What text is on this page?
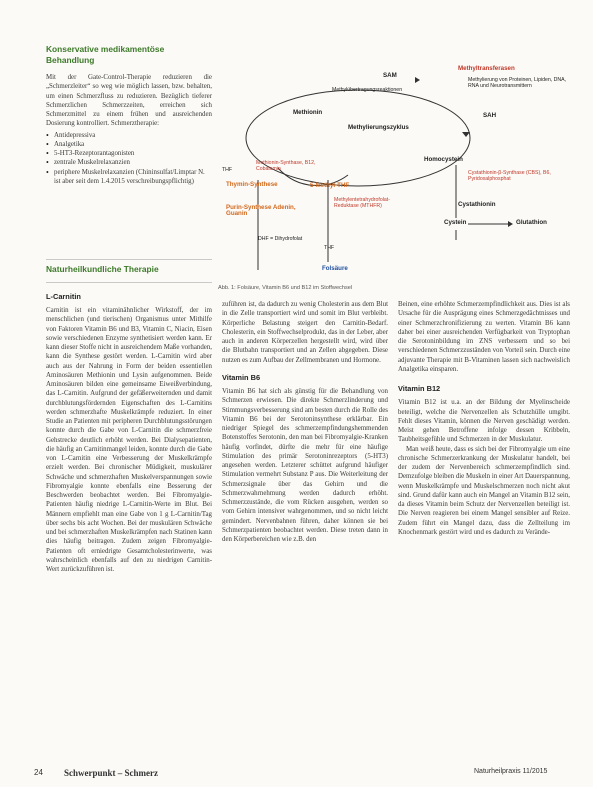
Konservative medikamentöse Behandlung

Mit der Gate-Control-Therapie reduzieren die „Schmerzleiter“ so weg wie möglich lassen, bzw. behalten, um einen Schmerzfluss zu reduzieren. Bezüglich tieferer Schmerzlichen Schmerzzeiten, erreichen sich Schmerzmittel zu einem frühen und ausreichenden Dosierung kontrolliert. Schmerztherapie:

• Antidepressiva
• Analgetika
• 5-HT3-Rezeptorantagonisten
• zentrale Muskelrelaxanzien
• periphere Muskelrelaxanzien (Chininsulfat/Limptar N. ist aber seit dem 1.4.2015 verschreibungspflichtig)
Naturheilkundliche Therapie
L-Carnitin

Carnitin ist ein vitaminähnlicher Wirkstoff, der im menschlichen (und tierischen) Organismus unter Mithilfe von Faktoren Vitamin B6 und B3, Vitamin C, Niacin, Eisen sowie verschiedenen Enzyme synthetisiert werden kann. Er kann dieser Stoffe nicht in ausreichendem Maße vorhanden, kann die Synthese gestört werden. L-Carnitin wird aber auch aus der Nahrung in Form der beiden essentiellen Aminosäuren Methionin und Lysin aufgenommen. Beide Aminosäuren bilden eine gemeinsame Eiweißverbindung, das L-Carnitin. Aufgrund der gefäßerweiternden und damit durchblutungsfördernden Eigenschaften des L-Carnitins werden schmerzhafte Muskelkrämpfe reduziert. In einer Studie an Patienten mit peripheren Durchblutungsstörungen konnte durch die Gabe von L-Carnitin die schmerzfreie Gehstrecke deutlich erhöht werden. Bei Dialysepatienten, die häufig an Carnitinmangel leiden, konnte durch die Gabe von L-Carnitin eine Verbesserung der Muskelkrämpfe erzielt werden. Bei chronischer Müdigkeit, muskulärer Schwäche und schmerzhaften Muskelverspannungen sowie Fibromyalgie konnte ebenfalls eine Besserung der Beschwerden beobachtet werden. Bei Fibromyalgie-Patienten häufig niedrige L-Carnitin-Werte im Blut. Bei Männern empfiehlt man eine Gabe von 1 g L-Carnitin/Tag über sechs bis acht Wochen. Bei der muskulären Schwäche und bei schmerzhaften Muskelkrämpfen nach Statinen kann dies häufig beitragen. Zudem zeigen Fibromyalgie-Patienten oft erniedrigte Gesamtcholesterinwerte, was wahrscheinlich ebenfalls auf den zu niedrigen Carnitin-Wert zurückzuführen ist.

SAM
Methylübertragungsreaktionen
Methyltransferasen
Methylierung von Proteinen, Lipiden, DNA, RNA und Neurotransmittern
Methionin	SAH
Methylierungszyklus
Homocystein
THF
Methionin-Synthase, B12, Cobalamin
Thymin-Synthese	5-Methyl-THF
Cystathionin-β-Synthase (CBS), B6, Pyridoxalphosphat
Methylentetrahydrofolat-Reduktase (MTHFR)	Cystathionin
Purin-Synthese Adenin, Guanin
Cystein	Glutathion
DHF = Dihydrofolat
THF
Folsäure
Abb. 1: Folsäure, Vitamin B6 und B12 im Stoffwechsel

zuführen ist, da dadurch zu wenig Cholesterin aus dem Blut in die Zelle transportiert wird und somit im Blut verbleibt. Körperliche Belastung steigert den Carnitin-Bedarf. Cholesterin, ein Stoffwechselprodukt, das in der Leber, aber auch in anderen Körperzellen hergestellt wird, wird über die Blutbahn transportiert und an Zellen abgegeben. Diese nutzen es zum Aufbau der Zellmembranen und Hormone.

Vitamin B6

Vitamin B6 hat sich als günstig für die Behandlung von Schmerzen erwiesen. Die direkte Schmerzlinderung und Stimmungsverbesserung sind am besten durch die Rolle des Vitamin B6 bei der Serotoninsynthese erklärbar. Ein niedriger Spiegel des schmerzempfindungshemmenden Botenstoffes Serotonin, den man bei Fibromyalgie-Kranken häufig vorfindet, dürfte die mehr für eine häufige Stimulation des primär Serotoninrezeptors (5-HT3) angesehen werden. Letzterer schüttet aufgrund häufiger Stimulation vermehrt Substanz P aus. Die Weiterleitung der Schmerzsignale über das Gehirn und die Schmerzwahrnehmung werden dadurch erhöht. Schmerzzustände, die vom Rücken ausgehen, werden so vom Gehirn intensiver wahrgenommen, und so nicht leicht gemindert. Nervenbahnen führen, daher können sie bei Schmerzpatienten beobachtet werden. Diese treten dann in den Körperbereichen wie z.B. den

Beinen, eine erhöhte Schmerzempfindlichkeit aus. Dies ist als Ursache für die Ausprägung eines Schmerzgedächtnisses und einer Schmerzchronifizierung zu werten. Vitamin B6 kann daher bei einer ausreichenden Verfügbarkeit von Tryptophan die Serotoninbildung im ZNS verbessern und so bei verschiedenen Schmerzzuständen von Vorteil sein. Durch eine adjuvante Therapie mit B-Vitaminen lassen sich nachweislich Analgetika einsparen.

Vitamin B12

Vitamin B12 ist u.a. an der Bildung der Myelinscheide beteiligt, welche die Nervenzellen als Schutzhülle umgibt. Fehlt dieses Vitamin, können die Nerven geschädigt werden. Meist gehen Betroffene infolge dessen Kribbeln, Taubheitsgefühle und Schmerzen in der Muskulatur.

Man weiß heute, dass es sich bei der Fibromyalgie um eine chronische Schmerzerkrankung der Muskulatur handelt, bei der zudem der Nervenbereich schmerzempfindlich sind. Demzufolge bleiben die Muskeln in einer Art Dauerspannung, wenn Muskelkrämpfe und Muskelschmerzen noch nicht akut sind. Grund dafür kann auch ein Mangel an Vitamin B12 sein, da dieses Vitamin beim Schutz der Nervenzellen beteiligt ist. Die Nerven reagieren bei einem Mangel sensibler auf Reize. Zudem führt ein Mangel dazu, dass die Zellteilung im Knochenmark gestört wird und es dadurch zu Verände-

24 Schwerpunkt – Schmerz	Naturheilpraxis 11/2015
